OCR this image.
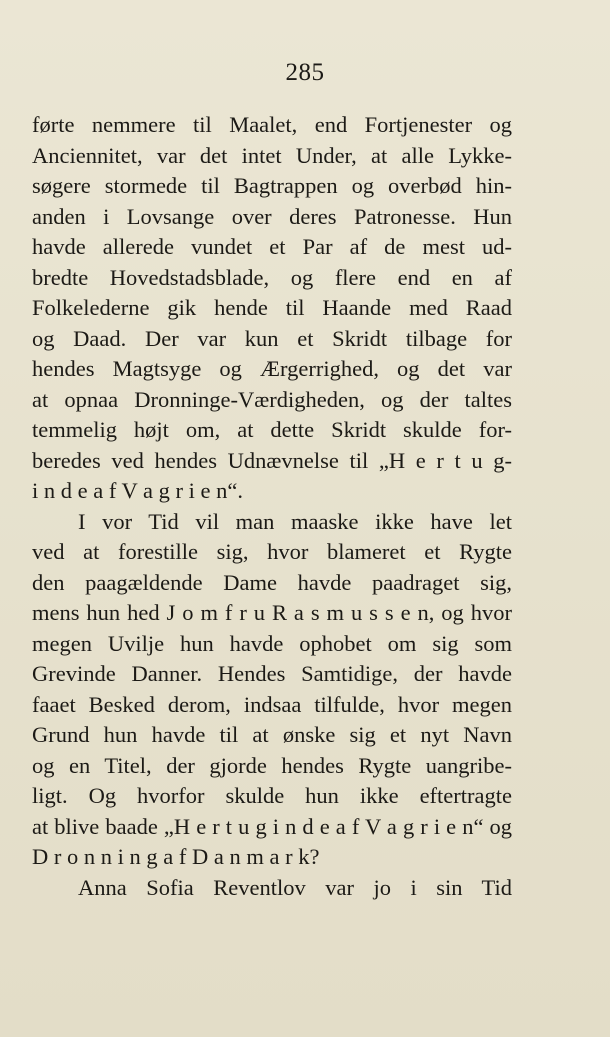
285
førte nemmere til Maalet, end Fortjenester og
Anciennitet, var det intet Under, at alle Lykke-
søgere stormede til Bagtrappen og overbød hin-
anden i Lovsange over deres Patronesse. Hun
havde allerede vundet et Par af de mest ud-
bredte Hovedstadsblade, og flere end en af
Folkelederne gik hende til Haande med Raad
og Daad. Der var kun et Skridt tilbage for
hendes Magtsyge og Ærgerrighed, og det var
at opnaa Dronninge-Værdigheden, og der taltes
temmelig højt om, at dette Skridt skulde for-
beredes ved hendes Udnævnelse til „H e r t u g-
i n d e a f V a g r i e n“.
I vor Tid vil man maaske ikke have let
ved at forestille sig, hvor blameret et Rygte
den paagældende Dame havde paadraget sig,
mens hun hed J o m f r u R a s m u s s e n, og hvor
megen Uvilje hun havde ophobet om sig som
Grevinde Danner. Hendes Samtidige, der havde
faaet Besked derom, indsaa tilfulde, hvor megen
Grund hun havde til at ønske sig et nyt Navn
og en Titel, der gjorde hendes Rygte uangribe-
ligt. Og hvorfor skulde hun ikke eftertragte
at blive baade „H e r t u g i n d e a f V a g r i e n“ og
D r o n n i n g a f D a n m a r k?
Anna Sofia Reventlov var jo i sin Tid
